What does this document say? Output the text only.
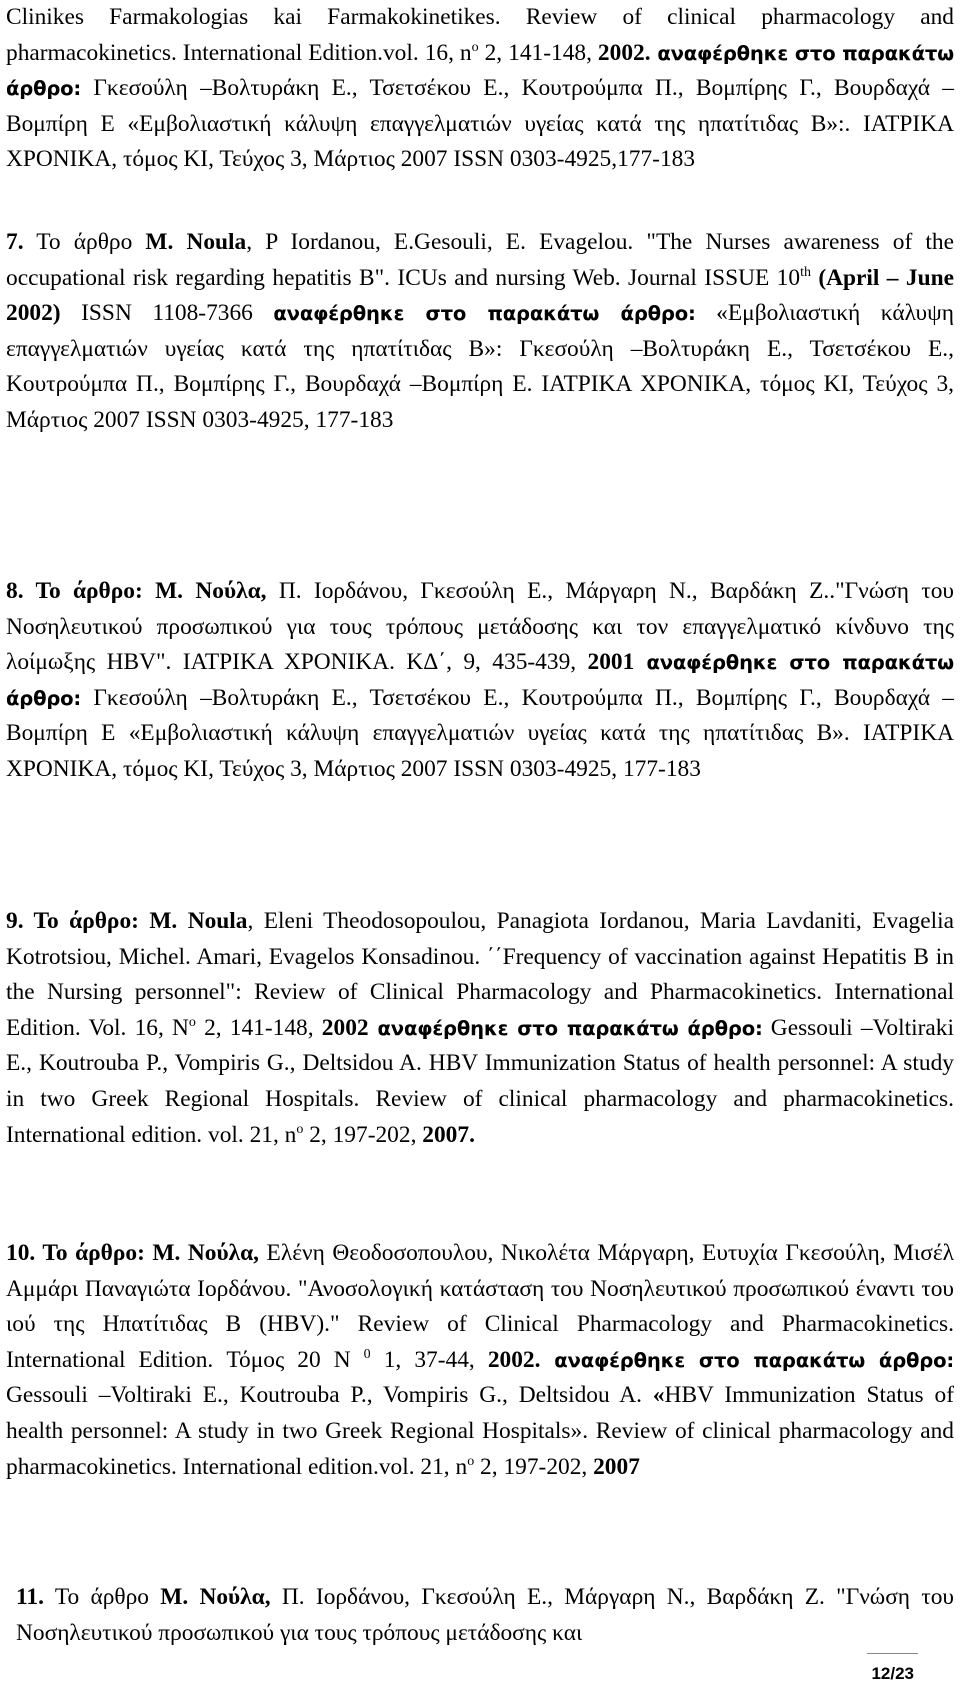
Clinikes Farmakologias kai Farmakokinetikes. Review of clinical pharmacology and pharmacokinetics. International Edition.vol. 16, $n^o$ 2, 141-148, 2002. αναφέρθηκε στο παρακάτω άρθρο: Γκεσούλη –Βολτυράκη Ε., Τσετσέκου Ε., Κουτρούμπα Π., Βομπίρης Γ., Βουρδαχά –Βομπίρη Ε «Εμβολιαστική κάλυψη επαγγελματιών υγείας κατά της ηπατίτιδας Β»:. ΙΑΤΡΙΚΑ ΧΡΟΝΙΚΑ, τόμος ΚΙ, Τεύχος 3, Μάρτιος 2007 ISSN 0303-4925,177-183

7. Το άρθρο M. Noula, P Iordanou, E.Gesouli, E. Evagelou. "The Nurses awareness of the occupational risk regarding hepatitis B". ICUs and nursing Web. Journal ISSUE 10th (April – June 2002) ISSN 1108-7366 αναφέρθηκε στο παρακάτω άρθρο: «Εμβολιαστική κάλυψη επαγγελματιών υγείας κατά της ηπατίτιδας Β»: Γκεσούλη –Βολτυράκη Ε., Τσετσέκου Ε., Κουτρούμπα Π., Βομπίρης Γ., Βουρδαχά –Βομπίρη Ε. ΙΑΤΡΙΚΑ ΧΡΟΝΙΚΑ, τόμος ΚΙ, Τεύχος 3, Μάρτιος 2007 ISSN 0303-4925, 177-183

8. Το άρθρο: Μ. Νούλα, Π. Ιορδάνου, Γκεσούλη Ε., Μάργαρη Ν., Βαρδάκη Ζ.."Γνώση του Νοσηλευτικού προσωπικού για τους τρόπους μετάδοσης και τον επαγγελματικό κίνδυνο της λοίμωξης HBV". ΙΑΤΡΙΚΑ ΧΡΟΝΙΚΑ. ΚΔ΄, 9, 435-439, 2001 αναφέρθηκε στο παρακάτω άρθρο: Γκεσούλη –Βολτυράκη Ε., Τσετσέκου Ε., Κουτρούμπα Π., Βομπίρης Γ., Βουρδαχά –Βομπίρη Ε «Εμβολιαστική κάλυψη επαγγελματιών υγείας κατά της ηπατίτιδας Β». ΙΑΤΡΙΚΑ ΧΡΟΝΙΚΑ, τόμος ΚΙ, Τεύχος 3, Μάρτιος 2007 ISSN 0303-4925, 177-183

9. Το άρθρο: M. Noula, Eleni Theodosopoulou, Panagiota Iordanou, Maria Lavdaniti, Evagelia Kotrotsiou, Michel. Amari, Evagelos Konsadinou. ΄΄Frequency of vaccination against Hepatitis B in the Nursing personnel": Review of Clinical Pharmacology and Pharmacokinetics. International Edition. Vol. 16, $N^o$ 2, 141-148, 2002 αναφέρθηκε στο παρακάτω άρθρο: Gessouli –Voltiraki E., Koutrouba P., Vompiris G., Deltsidou A. HBV Immunization Status of health personnel: A study in two Greek Regional Hospitals. Review of clinical pharmacology and pharmacokinetics. International edition. vol. 21, $n^o$ 2, 197-202, 2007.

10. Το άρθρο: Μ. Νούλα, Ελένη Θεοδοσοπουλου, Νικολέτα Μάργαρη, Ευτυχία Γκεσούλη, Μισέλ Αμμάρι Παναγιώτα Ιορδάνου. "Ανοσολογική κατάσταση του Νοσηλευτικού προσωπικού έναντι του ιού της Ηπατίτιδας Β (HBV)." Review of Clinical Pharmacology and Pharmacokinetics. International Edition. Τόμος 20 Ν $^0$ 1, 37-44, 2002. αναφέρθηκε στο παρακάτω άρθρο: Gessouli –Voltiraki E., Koutrouba P., Vompiris G., Deltsidou A. «HBV Immunization Status of health personnel: A study in two Greek Regional Hospitals». Review of clinical pharmacology and pharmacokinetics. International edition.vol. 21, $n^o$ 2, 197-202, 2007

11. Το άρθρο Μ. Νούλα, Π. Ιορδάνου, Γκεσούλη Ε., Μάργαρη Ν., Βαρδάκη Ζ. "Γνώση του Νοσηλευτικού προσωπικού για τους τρόπους μετάδοσης και

12/23
